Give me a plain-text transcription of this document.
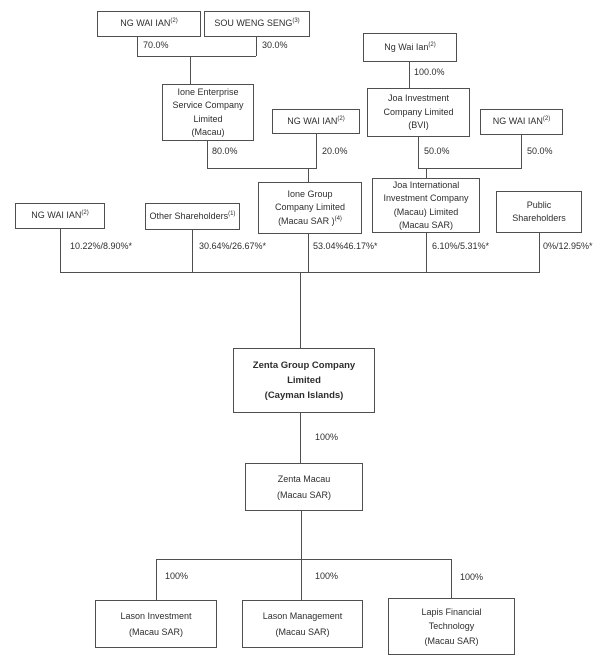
NG WAI IAN$^{(2)}$	SOU WENG SENG$^{(3)}$
Ng Wai Ian$^{(2)}$
70.0%	30.0%
100.0%
Ione Enterprise
Service Company
Limited
(Macau)
NG WAI IAN$^{(2)}$
Joa Investment
Company Limited
(BVI)	NG WAI IAN$^{(2)}$
80.0%	20.0%	50.0%	50.0%
NG WAI IAN$^{(2)}$	Other Shareholders$^{(1)}$
Ione Group
Company Limited
(Macau SAR )$^{(4)}$
Joa International
Investment Company
(Macau) Limited
(Macau SAR)
Public
Shareholders
10.22%/8.90%*	30.64%/26.67%*	53.04%46.17%*	6.10%/5.31%*	0%/12.95%*
Zenta Group Company
Limited
(Cayman Islands)
100%
Zenta Macau
(Macau SAR)
100%	100%	100%
Lason Investment
(Macau SAR)
Lason Management
(Macau SAR)
Lapis Financial
Technology
(Macau SAR)
